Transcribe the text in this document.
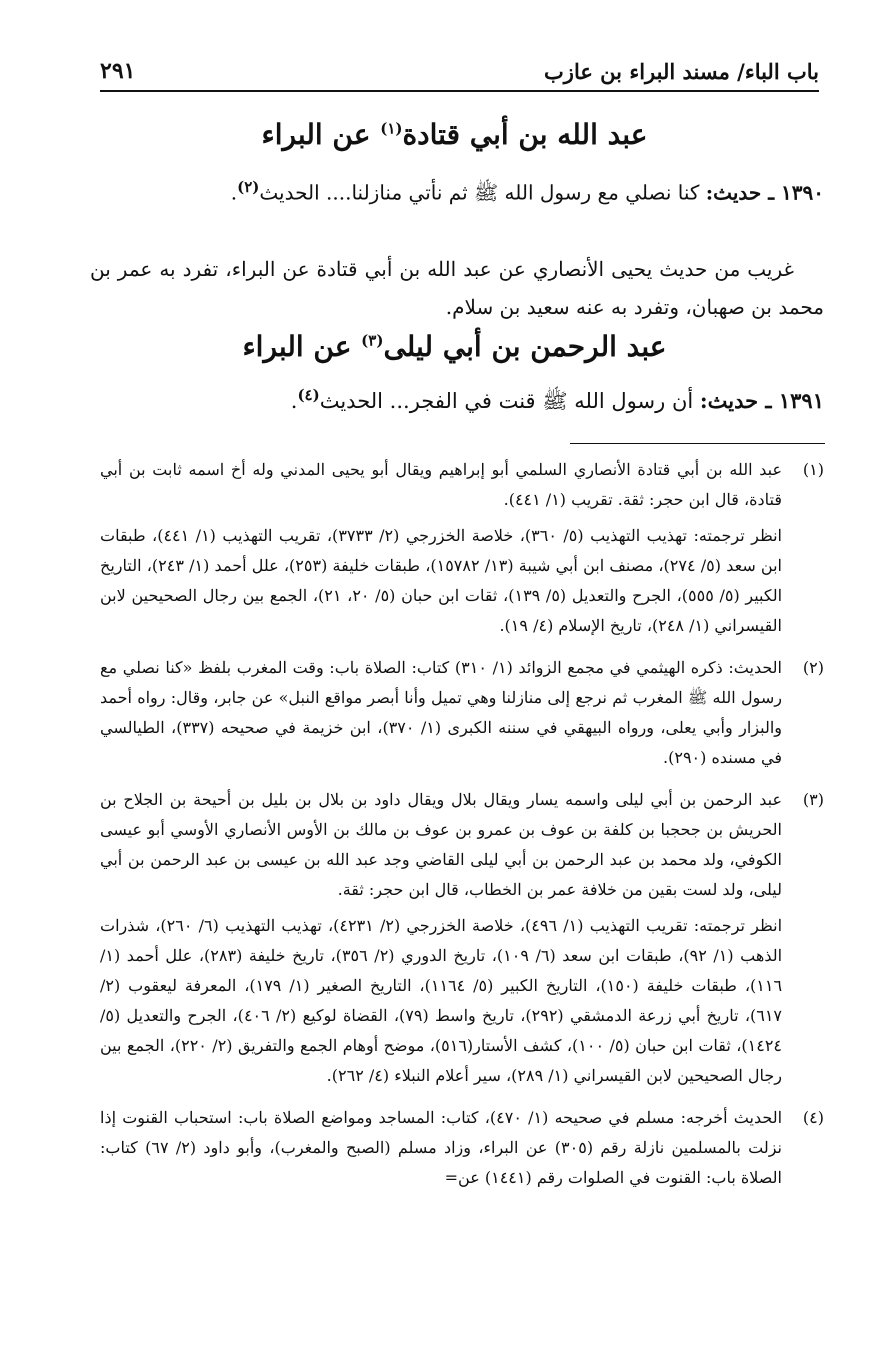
باب الباء/ مسند البراء بن عازب
٢٩١
عبد الله بن أبي قتادة$^{(١)}$ عن البراء
١٣٩٠ ـ حديث: كنا نصلي مع رسول الله ﷺ ثم نأتي منازلنا.... الحديث$^{(٢)}$.
غريب من حديث يحيى الأنصاري عن عبد الله بن أبي قتادة عن البراء، تفرد به عمر بن محمد بن صهبان، وتفرد به عنه سعيد بن سلام.
عبد الرحمن بن أبي ليلى$^{(٣)}$ عن البراء
١٣٩١ ـ حديث: أن رسول الله ﷺ قنت في الفجر... الحديث$^{(٤)}$.
(١)

عبد الله بن أبي قتادة الأنصاري السلمي أبو إبراهيم ويقال أبو يحيى المدني وله أخ اسمه ثابت بن أبي قتادة، قال ابن حجر: ثقة. تقريب (١/ ٤٤١).

انظر ترجمته: تهذيب التهذيب (٥/ ٣٦٠)، خلاصة الخزرجي (٢/ ٣٧٣٣)، تقريب التهذيب (١/ ٤٤١)، طبقات ابن سعد (٥/ ٢٧٤)، مصنف ابن أبي شيبة (١٣/ ١٥٧٨٢)، طبقات خليفة (٢٥٣)، علل أحمد (١/ ٢٤٣)، التاريخ الكبير (٥/ ٥٥٥)، الجرح والتعديل (٥/ ١٣٩)، ثقات ابن حبان (٥/ ٢٠، ٢١)، الجمع بين رجال الصحيحين لابن القيسراني (١/ ٢٤٨)، تاريخ الإسلام (٤/ ١٩).

(٢)

الحديث: ذكره الهيثمي في مجمع الزوائد (١/ ٣١٠) كتاب: الصلاة باب: وقت المغرب بلفظ «كنا نصلي مع رسول الله ﷺ المغرب ثم نرجع إلى منازلنا وهي تميل وأنا أبصر مواقع النبل» عن جابر، وقال: رواه أحمد والبزار وأبي يعلى، ورواه البيهقي في سننه الكبرى (١/ ٣٧٠)، ابن خزيمة في صحيحه (٣٣٧)، الطيالسي في مسنده (٢٩٠).

(٣)

عبد الرحمن بن أبي ليلى واسمه يسار ويقال بلال ويقال داود بن بلال بن بليل بن أحيحة بن الجلاح بن الحريش بن جحجبا بن كلفة بن عوف بن عمرو بن عوف بن مالك بن الأوس الأنصاري الأوسي أبو عيسى الكوفي، ولد محمد بن عبد الرحمن بن أبي ليلى القاضي وجد عبد الله بن عيسى بن عبد الرحمن بن أبي ليلى، ولد لست بقين من خلافة عمر بن الخطاب، قال ابن حجر: ثقة.

انظر ترجمته: تقريب التهذيب (١/ ٤٩٦)، خلاصة الخزرجي (٢/ ٤٢٣١)، تهذيب التهذيب (٦/ ٢٦٠)، شذرات الذهب (١/ ٩٢)، طبقات ابن سعد (٦/ ١٠٩)، تاريخ الدوري (٢/ ٣٥٦)، تاريخ خليفة (٢٨٣)، علل أحمد (١/ ١١٦)، طبقات خليفة (١٥٠)، التاريخ الكبير (٥/ ١١٦٤)، التاريخ الصغير (١/ ١٧٩)، المعرفة ليعقوب (٢/ ٦١٧)، تاريخ أبي زرعة الدمشقي (٢٩٢)، تاريخ واسط (٧٩)، القضاة لوكيع (٢/ ٤٠٦)، الجرح والتعديل (٥/ ١٤٢٤)، ثقات ابن حبان (٥/ ١٠٠)، كشف الأستار(٥١٦)، موضح أوهام الجمع والتفريق (٢/ ٢٢٠)، الجمع بين رجال الصحيحين لابن القيسراني (١/ ٢٨٩)، سير أعلام النبلاء (٤/ ٢٦٢).

(٤)

الحديث أخرجه: مسلم في صحيحه (١/ ٤٧٠)، كتاب: المساجد ومواضع الصلاة باب: استحباب القنوت إذا نزلت بالمسلمين نازلة رقم (٣٠٥) عن البراء، وزاد مسلم (الصبح والمغرب)، وأبو داود (٢/ ٦٧) كتاب: الصلاة باب: القنوت في الصلوات رقم (١٤٤١) عن=
